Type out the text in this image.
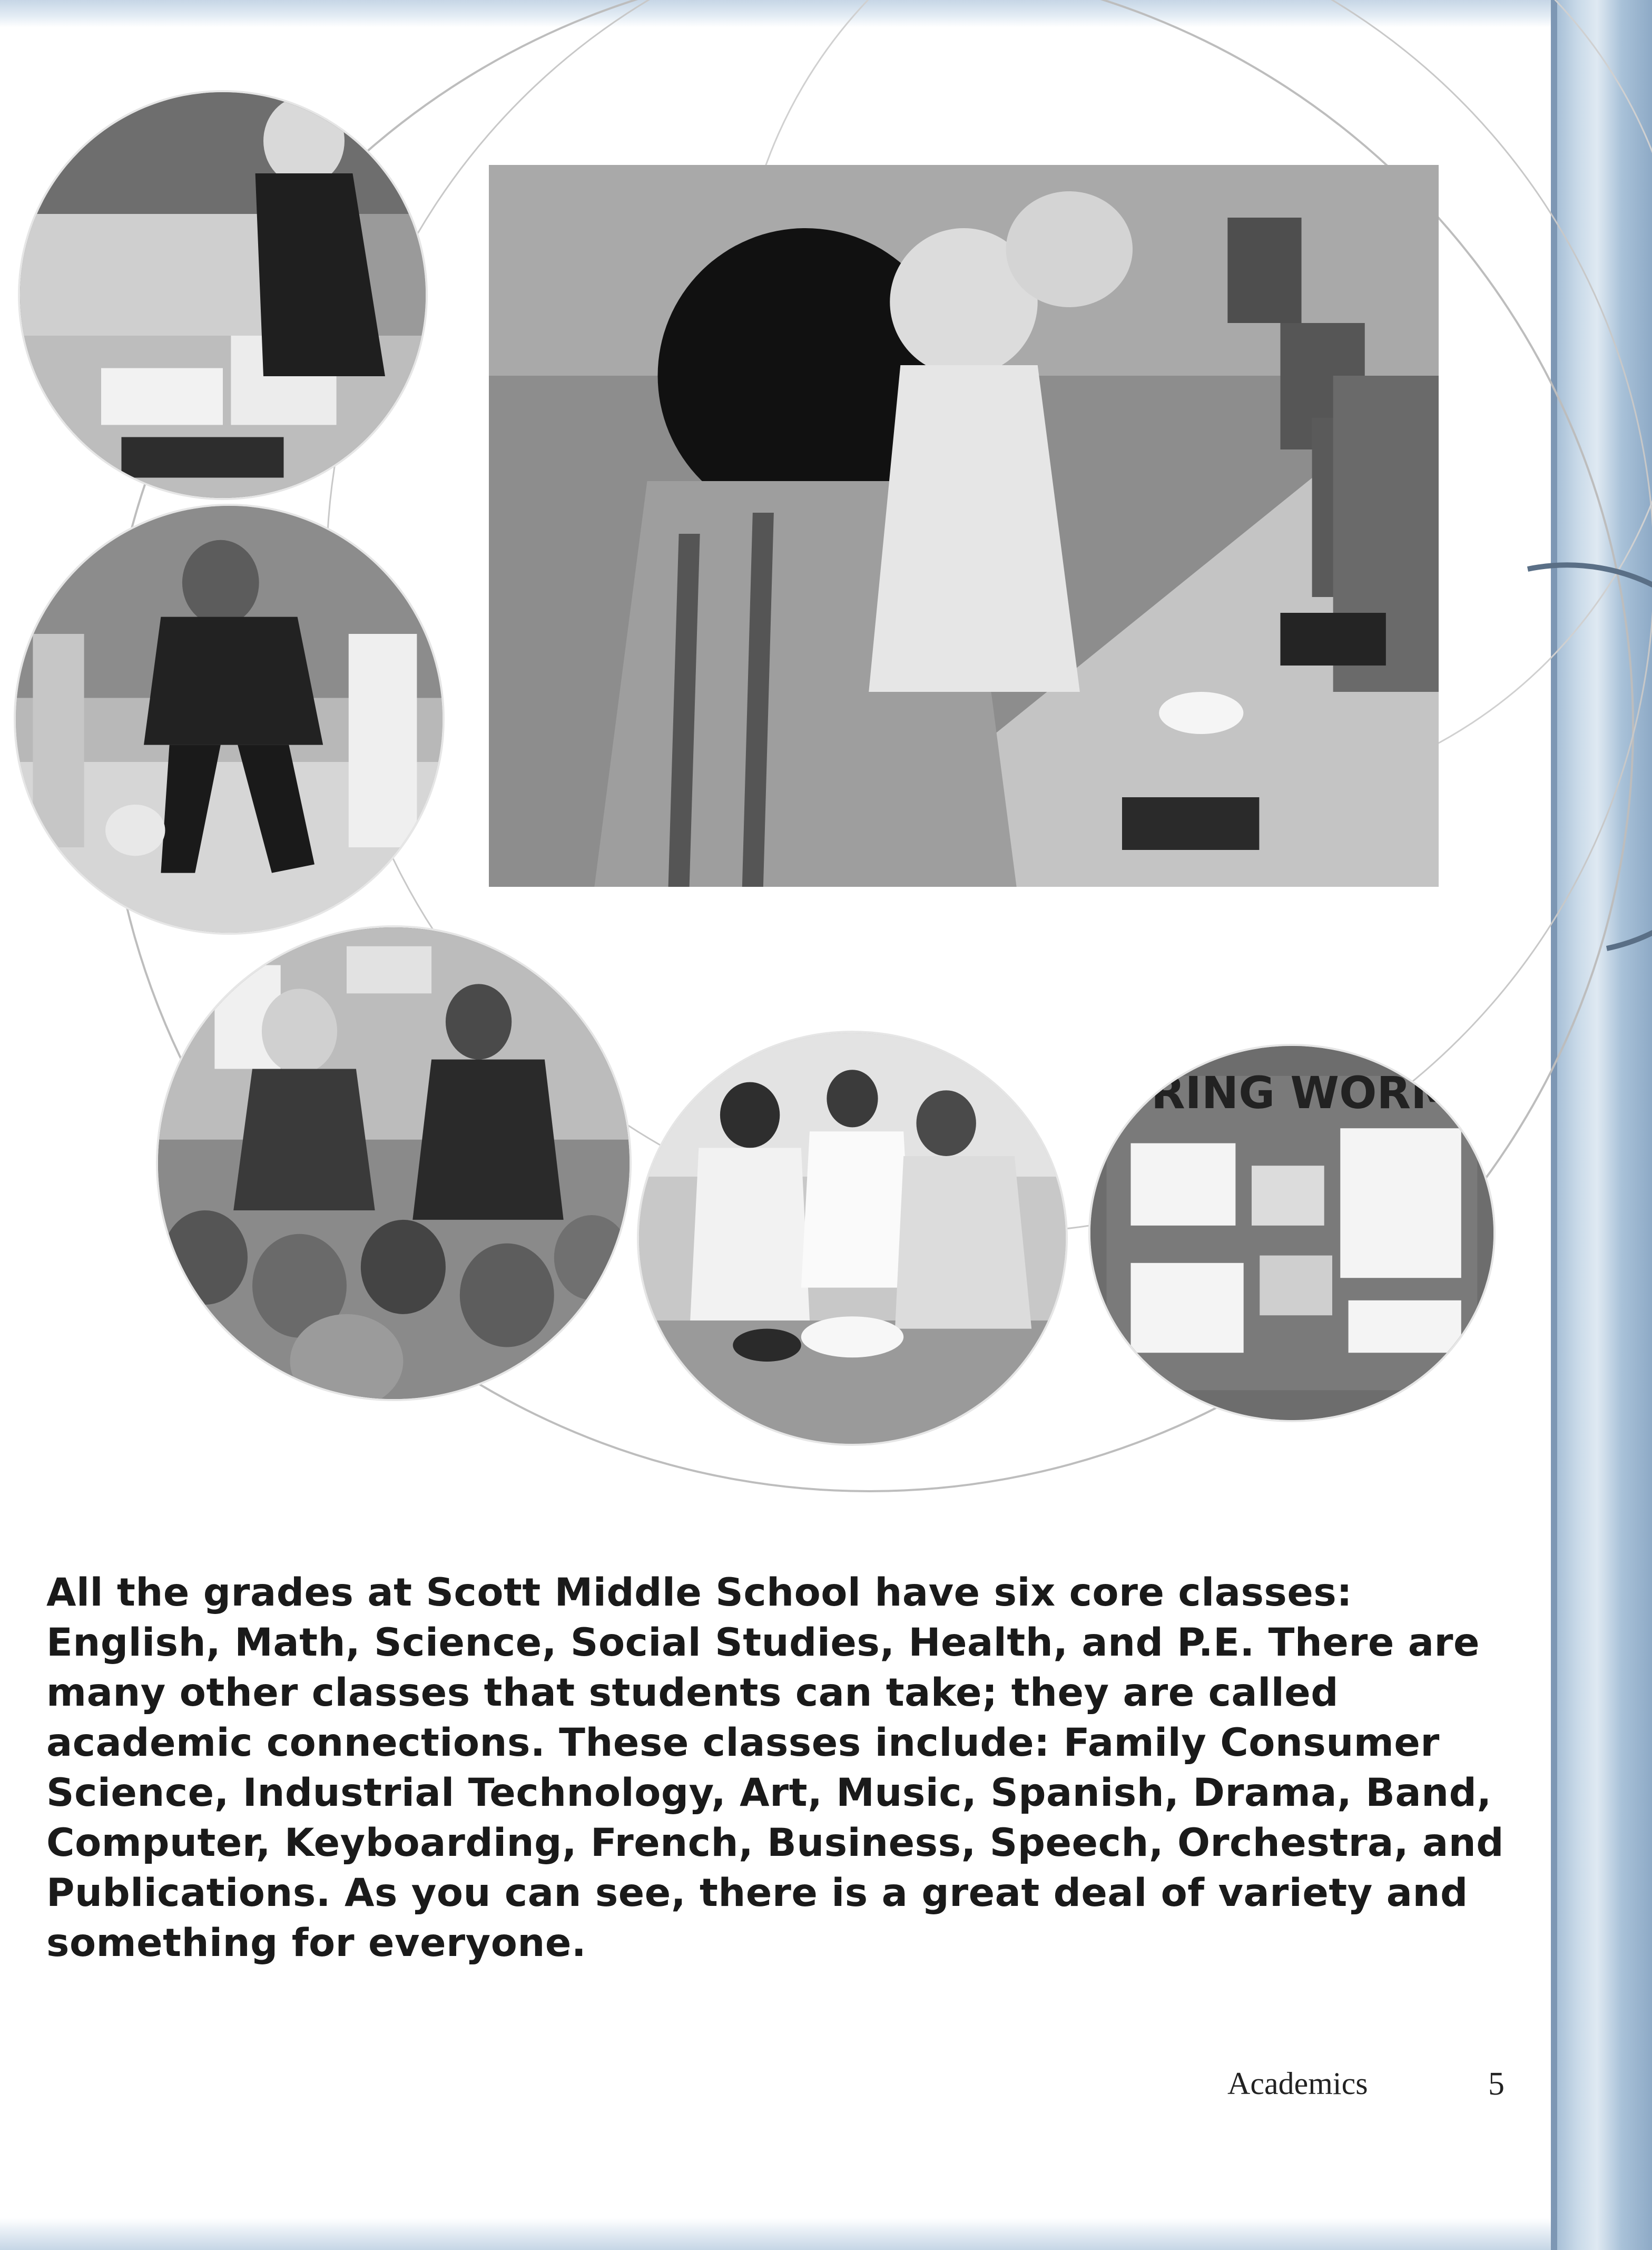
RING WORM
All the grades at Scott Middle School have six core classes: English, Math, Science, Social Studies, Health, and P.E. There are many other classes that students can take; they are called academic connections. These classes include: Family Consumer Science, Industrial Technology, Art, Music, Spanish, Drama, Band, Computer, Keyboarding, French, Business, Speech, Orchestra, and Publications. As you can see, there is a great deal of variety and something for everyone.
Academics	5
